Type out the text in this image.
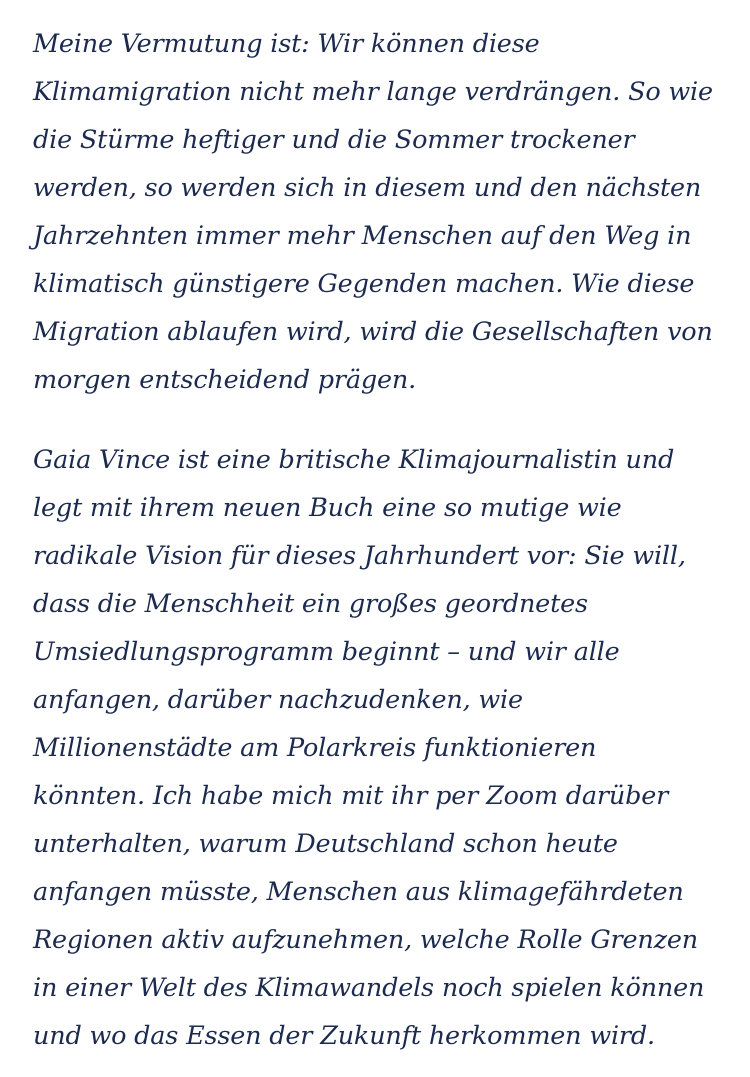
Meine Vermutung ist: Wir können diese
Klimamigration nicht mehr lange verdrängen. So wie
die Stürme heftiger und die Sommer trockener
werden, so werden sich in diesem und den nächsten
Jahrzehnten immer mehr Menschen auf den Weg in
klimatisch günstigere Gegenden machen. Wie diese
Migration ablaufen wird, wird die Gesellschaften von
morgen entscheidend prägen.

Gaia Vince ist eine britische Klimajournalistin und
legt mit ihrem neuen Buch eine so mutige wie
radikale Vision für dieses Jahrhundert vor: Sie will,
dass die Menschheit ein großes geordnetes
Umsiedlungsprogramm beginnt – und wir alle
anfangen, darüber nachzudenken, wie
Millionenstädte am Polarkreis funktionieren
könnten. Ich habe mich mit ihr per Zoom darüber
unterhalten, warum Deutschland schon heute
anfangen müsste, Menschen aus klimagefährdeten
Regionen aktiv aufzunehmen, welche Rolle Grenzen
in einer Welt des Klimawandels noch spielen können
und wo das Essen der Zukunft herkommen wird.
